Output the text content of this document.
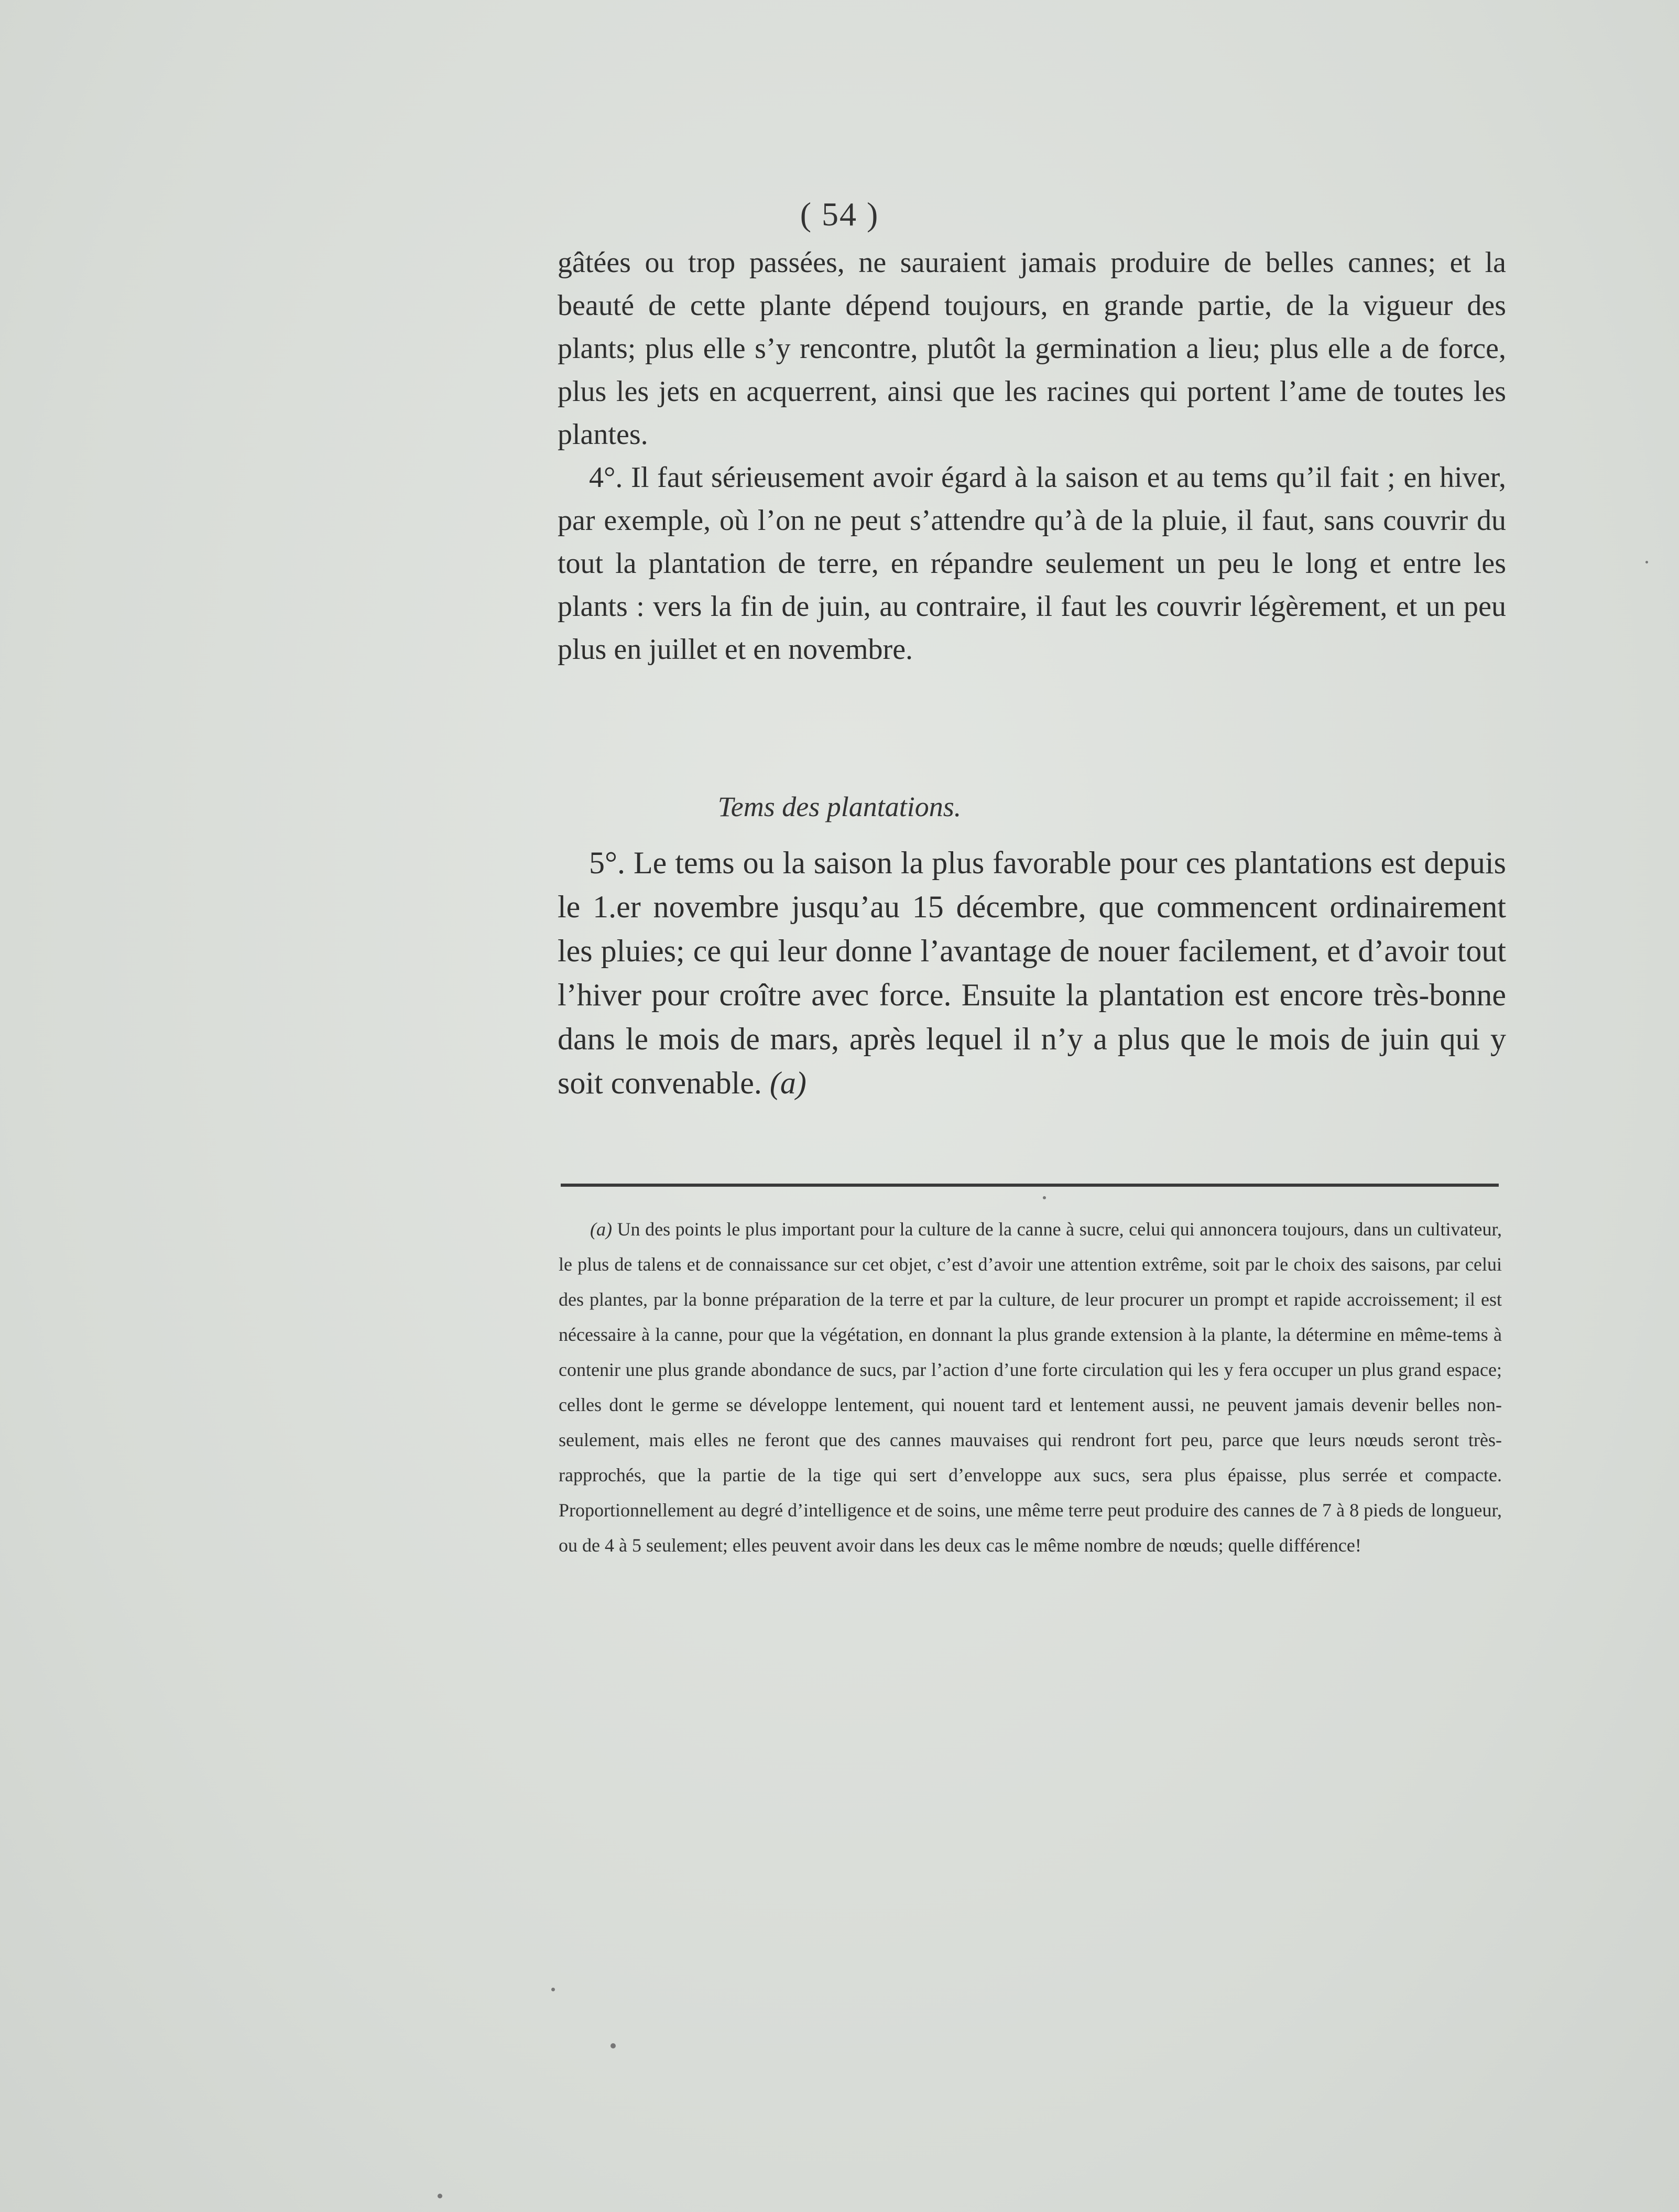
( 54 )

gâtées ou trop passées, ne sauraient jamais produire de belles cannes; et la beauté de cette plante dépend toujours, en grande partie, de la vigueur des plants; plus elle s’y rencontre, plutôt la germination a lieu; plus elle a de force, plus les jets en acquerrent, ainsi que les racines qui portent l’ame de toutes les plantes.

4°. Il faut sérieusement avoir égard à la saison et au tems qu’il fait ; en hiver, par exemple, où l’on ne peut s’attendre qu’à de la pluie, il faut, sans couvrir du tout la plantation de terre, en répandre seulement un peu le long et entre les plants : vers la fin de juin, au contraire, il faut les couvrir légèrement, et un peu plus en juillet et en novembre.

Tems des plantations.

5°. Le tems ou la saison la plus favorable pour ces plantations est depuis le 1.er novembre jusqu’au 15 décembre, que commencent ordinairement les pluies; ce qui leur donne l’avantage de nouer facilement, et d’avoir tout l’hiver pour croître avec force. Ensuite la plantation est encore très-bonne dans le mois de mars, après lequel il n’y a plus que le mois de juin qui y soit convenable. (a)

(a) Un des points le plus important pour la culture de la canne à sucre, celui qui annoncera toujours, dans un cultivateur, le plus de talens et de connaissance sur cet objet, c’est d’avoir une attention extrême, soit par le choix des saisons, par celui des plantes, par la bonne préparation de la terre et par la culture, de leur procurer un prompt et rapide accroissement; il est nécessaire à la canne, pour que la végétation, en donnant la plus grande extension à la plante, la détermine en même-tems à contenir une plus grande abondance de sucs, par l’action d’une forte circulation qui les y fera occuper un plus grand espace; celles dont le germe se développe lentement, qui nouent tard et lentement aussi, ne peuvent jamais devenir belles non-seulement, mais elles ne feront que des cannes mauvaises qui rendront fort peu, parce que leurs nœuds seront très-rapprochés, que la partie de la tige qui sert d’enveloppe aux sucs, sera plus épaisse, plus serrée et compacte. Proportionnellement au degré d’intelligence et de soins, une même terre peut produire des cannes de 7 à 8 pieds de longueur, ou de 4 à 5 seulement; elles peuvent avoir dans les deux cas le même nombre de nœuds; quelle différence!
